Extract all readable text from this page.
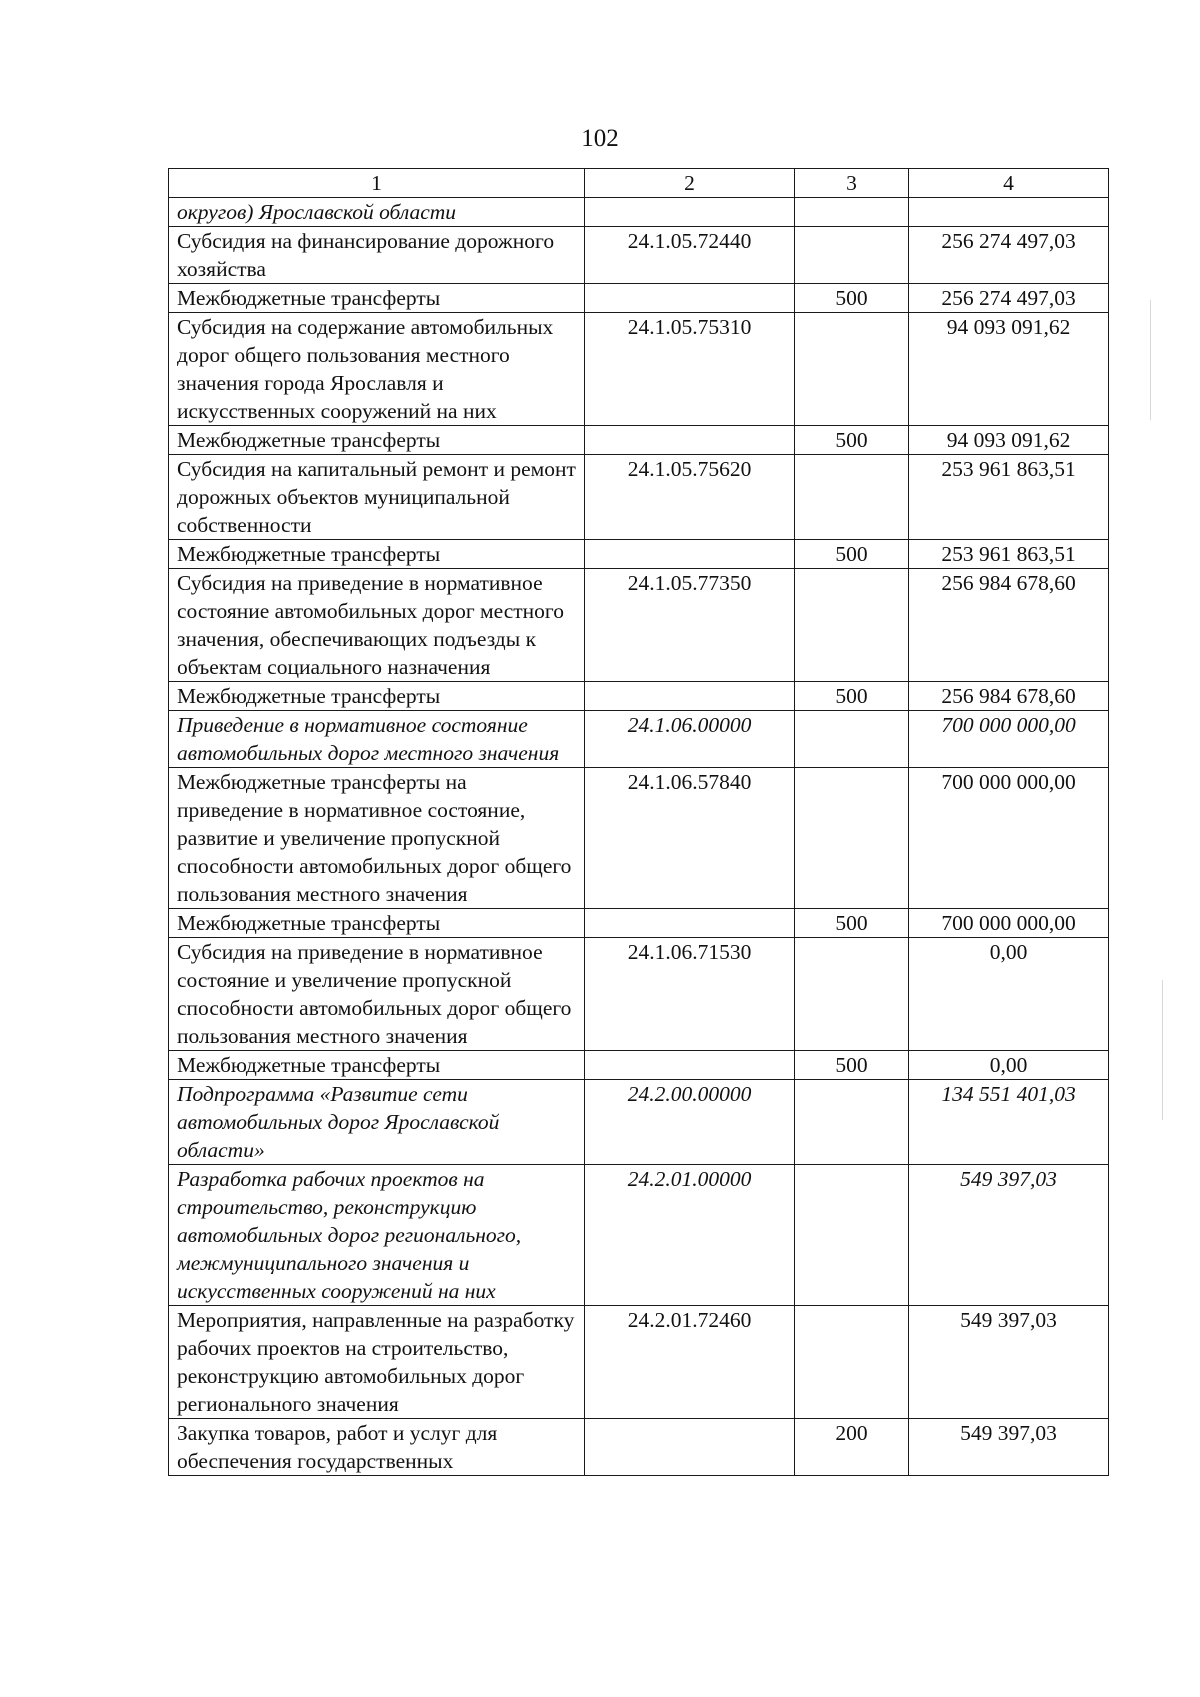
102
1	2	3	4
округов) Ярославской области			
Субсидия на финансирование дорожного хозяйства	24.1.05.72440		256 274 497,03
Межбюджетные трансферты		500	256 274 497,03
Субсидия на содержание автомобильных дорог общего пользования местного значения города Ярославля и искусственных сооружений на них	24.1.05.75310		94 093 091,62
Межбюджетные трансферты		500	94 093 091,62
Субсидия на капитальный ремонт и ремонт дорожных объектов муниципальной собственности	24.1.05.75620		253 961 863,51
Межбюджетные трансферты		500	253 961 863,51
Субсидия на приведение в нормативное состояние автомобильных дорог местного значения, обеспечивающих подъезды к объектам социального назначения	24.1.05.77350		256 984 678,60
Межбюджетные трансферты		500	256 984 678,60
Приведение в нормативное состояние автомобильных дорог местного значения	24.1.06.00000		700 000 000,00
Межбюджетные трансферты на приведение в нормативное состояние, развитие и увеличение пропускной способности автомобильных дорог общего пользования местного значения	24.1.06.57840		700 000 000,00
Межбюджетные трансферты		500	700 000 000,00
Субсидия на приведение в нормативное состояние и увеличение пропускной способности автомобильных дорог общего пользования местного значения	24.1.06.71530		0,00
Межбюджетные трансферты		500	0,00
Подпрограмма «Развитие сети автомобильных дорог Ярославской области»	24.2.00.00000		134 551 401,03
Разработка рабочих проектов на строительство, реконструкцию автомобильных дорог регионального, межмуниципального значения и искусственных сооружений на них	24.2.01.00000		549 397,03
Мероприятия, направленные на разработку рабочих проектов на строительство, реконструкцию автомобильных дорог регионального значения	24.2.01.72460		549 397,03
Закупка товаров, работ и услуг для обеспечения государственных		200	549 397,03
